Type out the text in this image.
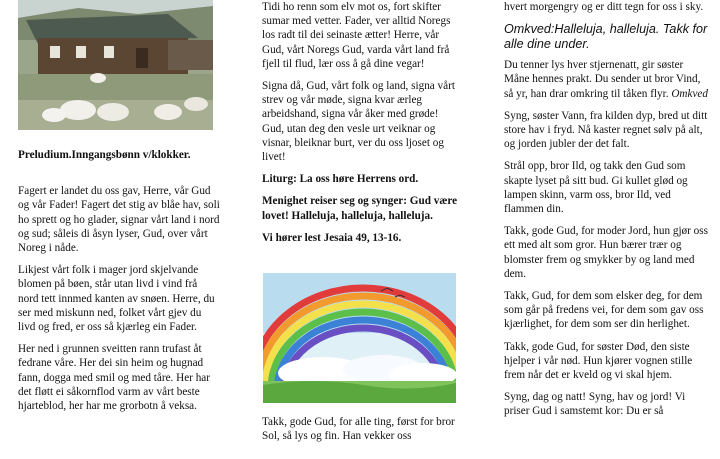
Preludium.Inngangsbønn v/klokker.

Fagert er landet du oss gav, Herre, vår Gud og vår Fader! Fagert det stig av blåe hav, soli ho sprett og ho glader, signar vårt land i nord og sud; såleis di åsyn lyser, Gud, over vårt Noreg i nåde.

Likjest vårt folk i mager jord skjelvande blomen på bøen, står utan livd i vind frå nord tett innmed kanten av snøen. Herre, du ser med miskunn ned, folket vårt gjev du livd og fred, er oss så kjærleg ein Fader.

Her ned i grunnen sveitten rann trufast åt fedrane våre. Her dei sin heim og hugnad fann, dogga med smil og med tåre. Her har det fløtt ei såkornflod varm av vårt beste hjarteblod, her har me grorbotn å veksa.

Tidi ho renn som elv mot os, fort skifter sumar med vetter. Fader, ver alltid Noregs los radt til dei seinaste ætter! Herre, vår Gud, vårt Noregs Gud, varda vårt land frå fjell til flud, lær oss å gå dine vegar!

Signa då, Gud, vårt folk og land, signa vårt strev og vår møde, signa kvar ærleg arbeidshand, signa vår åker med grøde! Gud, utan deg den vesle urt veiknar og visnar, bleiknar burt, ver du oss ljoset og livet!

Liturg: La oss høre Herrens ord.

Menighet reiser seg og synger: Gud være lovet! Halleluja, halleluja, halleluja.

Vi hører lest Jesaia 49, 13-16.

Takk, gode Gud, for alle ting, først for bror Sol, så lys og fin. Han vekker oss

hvert morgengry og er ditt tegn for oss i sky.

Omkved:Halleluja, halleluja. Takk for alle dine under.

Du tenner lys hver stjernenatt, gir søster Måne hennes prakt. Du sender ut bror Vind, så yr, han drar omkring til tåken flyr. Omkved

Syng, søster Vann, fra kilden dyp, bred ut ditt store hav i fryd. Nå kaster regnet sølv på alt, og jorden jubler der det falt.

Strål opp, bror Ild, og takk den Gud som skapte lyset på sitt bud. Gi kullet glød og lampen skinn, varm oss, bror Ild, ved flammen din.

Takk, gode Gud, for moder Jord, hun gjør oss ett med alt som gror. Hun bærer trær og blomster frem og smykker by og land med dem.

Takk, Gud, for dem som elsker deg, for dem som går på fredens vei, for dem som gav oss kjærlighet, for dem som ser din herlighet.

Takk, gode Gud, for søster Død, den siste hjelper i vår nød. Hun kjører vognen stille frem når det er kveld og vi skal hjem.

Syng, dag og natt! Syng, hav og jord! Vi priser Gud i samstemt kor: Du er så
